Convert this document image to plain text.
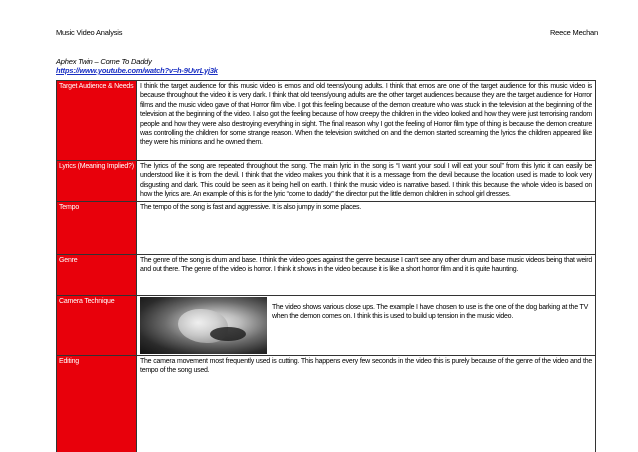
Music Video Analysis	Reece Mechan
Aphex Twin – Come To Daddy
https://www.youtube.com/watch?v=h-9UvrLyj3k
Target Audience & Needs	I think the target audience for this music video is emos and old teens/young adults. I think that emos are one of the target audience for this music video is because throughout the video it is very dark. I think that old teens/young adults are the other target audiences because they are the target audience for Horror films and the music video gave of that Horror film vibe. I got this feeling because of the demon creature who was stuck in the television at the beginning of the television at the beginning of the video. I also got the feeling because of how creepy the children in the video looked and how they were just terrorising random people and how they were also destroying everything in sight. The final reason why I got the feeling of Horror film type of thing is because the demon creature was controlling the children for some strange reason. When the television switched on and the demon started screaming the lyrics the children appeared like they were his minions and he owned them.
Lyrics (Meaning Implied?)	The lyrics of the song are repeated throughout the song. The main lyric in the song is “I want your soul I will eat your soul” from this lyric it can easily be understood like it is from the devil. I think that the video makes you think that it is a message from the devil because the location used is made to look very disgusting and dark. This could be seen as it being hell on earth. I think the music video is narrative based. I think this because the whole video is based on how the lyrics are. An example of this is for the lyric “come to daddy” the director put the little demon children in school girl dresses.
Tempo	The tempo of the song is fast and aggressive. It is also jumpy in some places.
Genre	The genre of the song is drum and base. I think the video goes against the genre because I can’t see any other drum and base music videos being that weird and out there. The genre of the video is horror. I think it shows in the video because it is like a short horror film and it is quite haunting.
Camera Technique	The video shows various close ups. The example I have chosen to use is the one of the dog barking at the TV when the demon comes on. I think this is used to build up tension in the music video.

Editing	The camera movement most frequently used is cutting. This happens every few seconds in the video this is purely because of the genre of the video and the tempo of the song used.
